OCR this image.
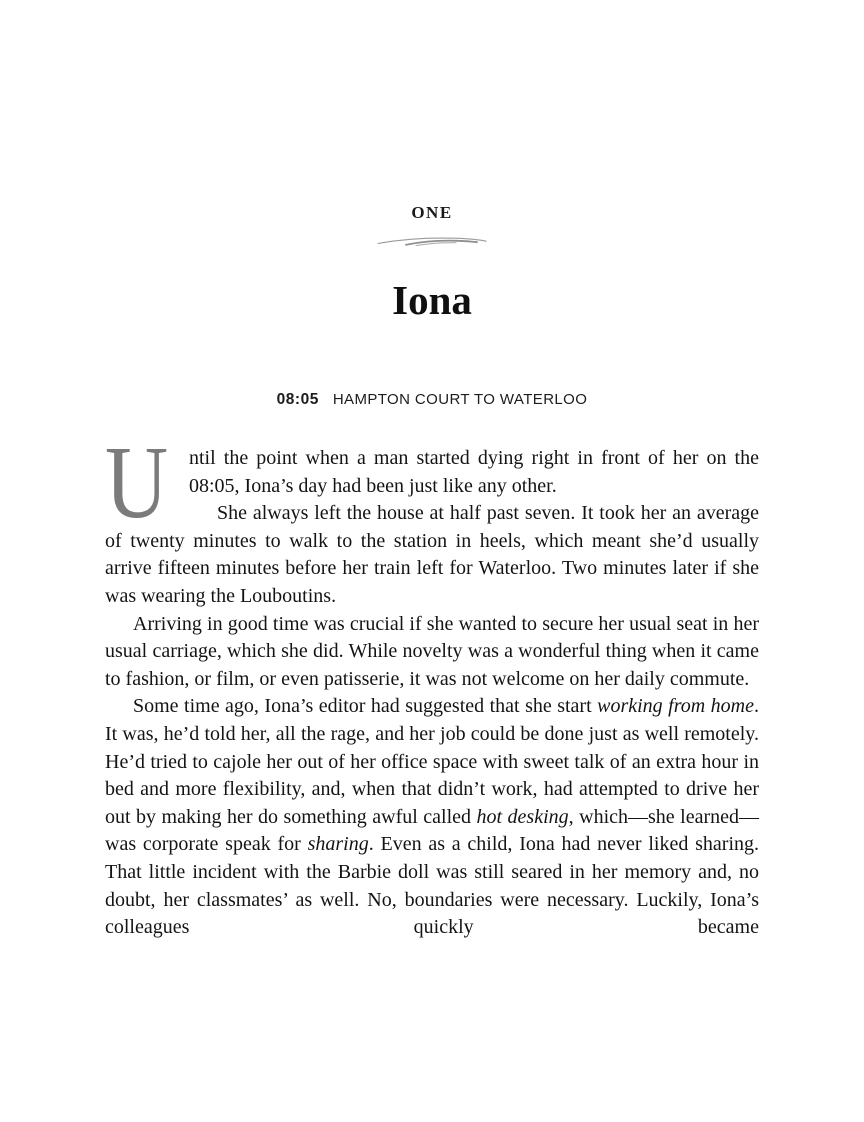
ONE
Iona
08:05 HAMPTON COURT TO WATERLOO
U	ntil the point when a man started dying right in front of her on the 08:05, Iona’s day had been just like any other.

She always left the house at half past seven. It took her an average of twenty minutes to walk to the station in heels, which meant she’d usually arrive fifteen minutes before her train left for Waterloo. Two minutes later if she was wearing the Louboutins.

Arriving in good time was crucial if she wanted to secure her usual seat in her usual carriage, which she did. While novelty was a wonderful thing when it came to fashion, or film, or even patisserie, it was not welcome on her daily commute.

Some time ago, Iona’s editor had suggested that she start working from home. It was, he’d told her, all the rage, and her job could be done just as well remotely. He’d tried to cajole her out of her office space with sweet talk of an extra hour in bed and more flexibility, and, when that didn’t work, had attempted to drive her out by making her do something awful called hot desking, which—she learned—was corporate speak for sharing. Even as a child, Iona had never liked sharing. That little incident with the Barbie doll was still seared in her memory and, no doubt, her classmates’ as well. No, boundaries were necessary. Luckily, Iona’s colleagues quickly became
